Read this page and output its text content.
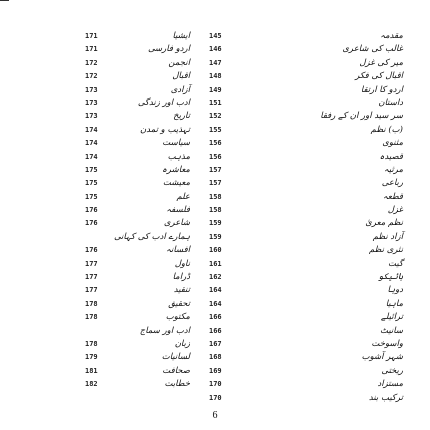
171	ایشیا
171	اردو فارسی
172	انجمن
172	اقبال
173	آزادی
173	ادب اور زندگی
173	تاریخ
174	تہذیب و تمدن
174	سیاست
174	مذہب
175	معاشرہ
175	معیشت
175	علم
176	فلسفہ
176	شاعری
ہمارے ادب کی کہانی
176	افسانہ
177	ناول
177	ڈراما
177	تنقید
178	تحقیق
178	مکتوب
ادب اور سماج
178	زبان
179	لسانیات
181	صحافت
182	خطابت
145	مقدمہ
146	غالب کی شاعری
147	میر کی غزل
148	اقبال کی فکر
149	اردو کا ارتقا
151	داستان
152	سر سید اور ان کے رفقا
155	(ب) نظم
156	مثنوی
156	قصیدہ
157	مرثیہ
157	رباعی
158	قطعہ
158	غزل
159	نظم معریٰ
159	آزاد نظم
160	نثری نظم
161	گیت
162	ہائیکو
164	دوہا
164	ماہیا
166	ترائیلے
166	سانیٹ
167	واسوخت
168	شہر آشوب
169	ریختی
170	مستزاد
170	ترکیب بند
6
